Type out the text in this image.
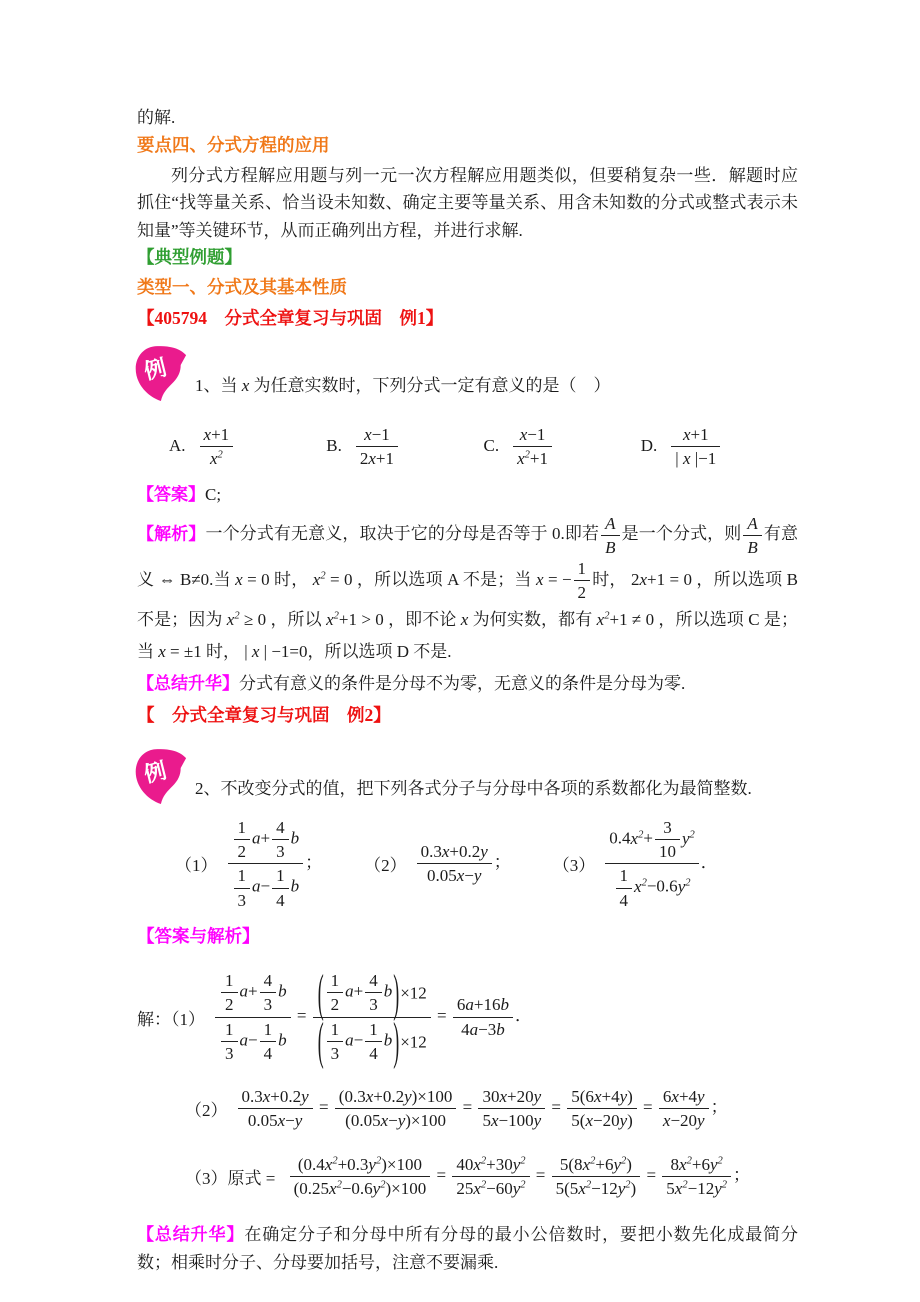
的解.

要点四、分式方程的应用

列分式方程解应用题与列一元一次方程解应用题类似，但要稍复杂一些．解题时应抓住“找等量关系、恰当设未知数、确定主要等量关系、用含未知数的分式或整式表示未知量”等关键环节，从而正确列出方程，并进行求解.

【典型例题】
类型一、分式及其基本性质
【405794　分式全章复习与巩固　例1】
例
1、当 x 为任意实数时，下列分式一定有意义的是（　）
A. $\frac{x+1}{x^2}$	B. $\frac{x-1}{2x+1}$	C. $\frac{x-1}{x^2+1}$	D. $\frac{x+1}{| x |-1}$

【答案】C;

【解析】一个分式有无意义，取决于它的分母是否等于 0.即若 $\frac{A}{B}$ 是一个分式，则 $\frac{A}{B}$ 有意义 ⇔ B≠0.当 x = 0 时， $x^2 = 0$ ，所以选项 A 不是；当 x = − $\frac{1}{2}$ 时， 2x+1 = 0 ，所以选项 B 不是；因为 $x^2 \ge 0$ ，所以 $x^2+1 > 0$ ，即不论 x 为何实数，都有 $x^2+1 \ne 0$ ，所以选项 C 是；当 x = ±1 时， | x | −1=0，所以选项 D 不是.

【总结升华】分式有意义的条件是分母不为零，无意义的条件是分母为零.

【　分式全章复习与巩固　例2】
例
2、不改变分式的值，把下列各式分子与分母中各项的系数都化为最简整数.
$(1) \frac{\frac{1}{2} a+ \frac{4}{3} b}{\frac{1}{3} a- \frac{1}{4} b}$ ； $(2) \frac{0.3x+0.2y}{0.05x-y}$ ； $(3) \frac{0.4x^2+ \frac{3}{10} y^2}{\frac{1}{4} x^2-0.6y^2}$ ．
【答案与解析】
解：$(1) \frac{\frac{1}{2} a+ \frac{4}{3} b}{\frac{1}{3} a- \frac{1}{4} b} = \frac{( \frac{1}{2} a+ \frac{4}{3} b ) \times 12}{( \frac{1}{3} a- \frac{1}{4} b ) \times 12} = \frac{6a+16b}{4a-3b}$ ．
$(2) \frac{0.3x+0.2y}{0.05x-y} = \frac{(0.3x+0.2y)\times 100}{(0.05x-y)\times 100} = \frac{30x+20y}{5x-100y} = \frac{5(6x+4y)}{5(x-20y)} = \frac{6x+4y}{x-20y}$ ；
（3）原式 = $\frac{(0.4x^2+0.3y^2)\times 100}{(0.25x^2-0.6y^2)\times 100} = \frac{40x^2+30y^2}{25x^2-60y^2} = \frac{5(8x^2+6y^2)}{5(5x^2-12y^2)} = \frac{8x^2+6y^2}{5x^2-12y^2}$ ；

【总结升华】在确定分子和分母中所有分母的最小公倍数时，要把小数先化成最简分数；相乘时分子、分母要加括号，注意不要漏乘.
